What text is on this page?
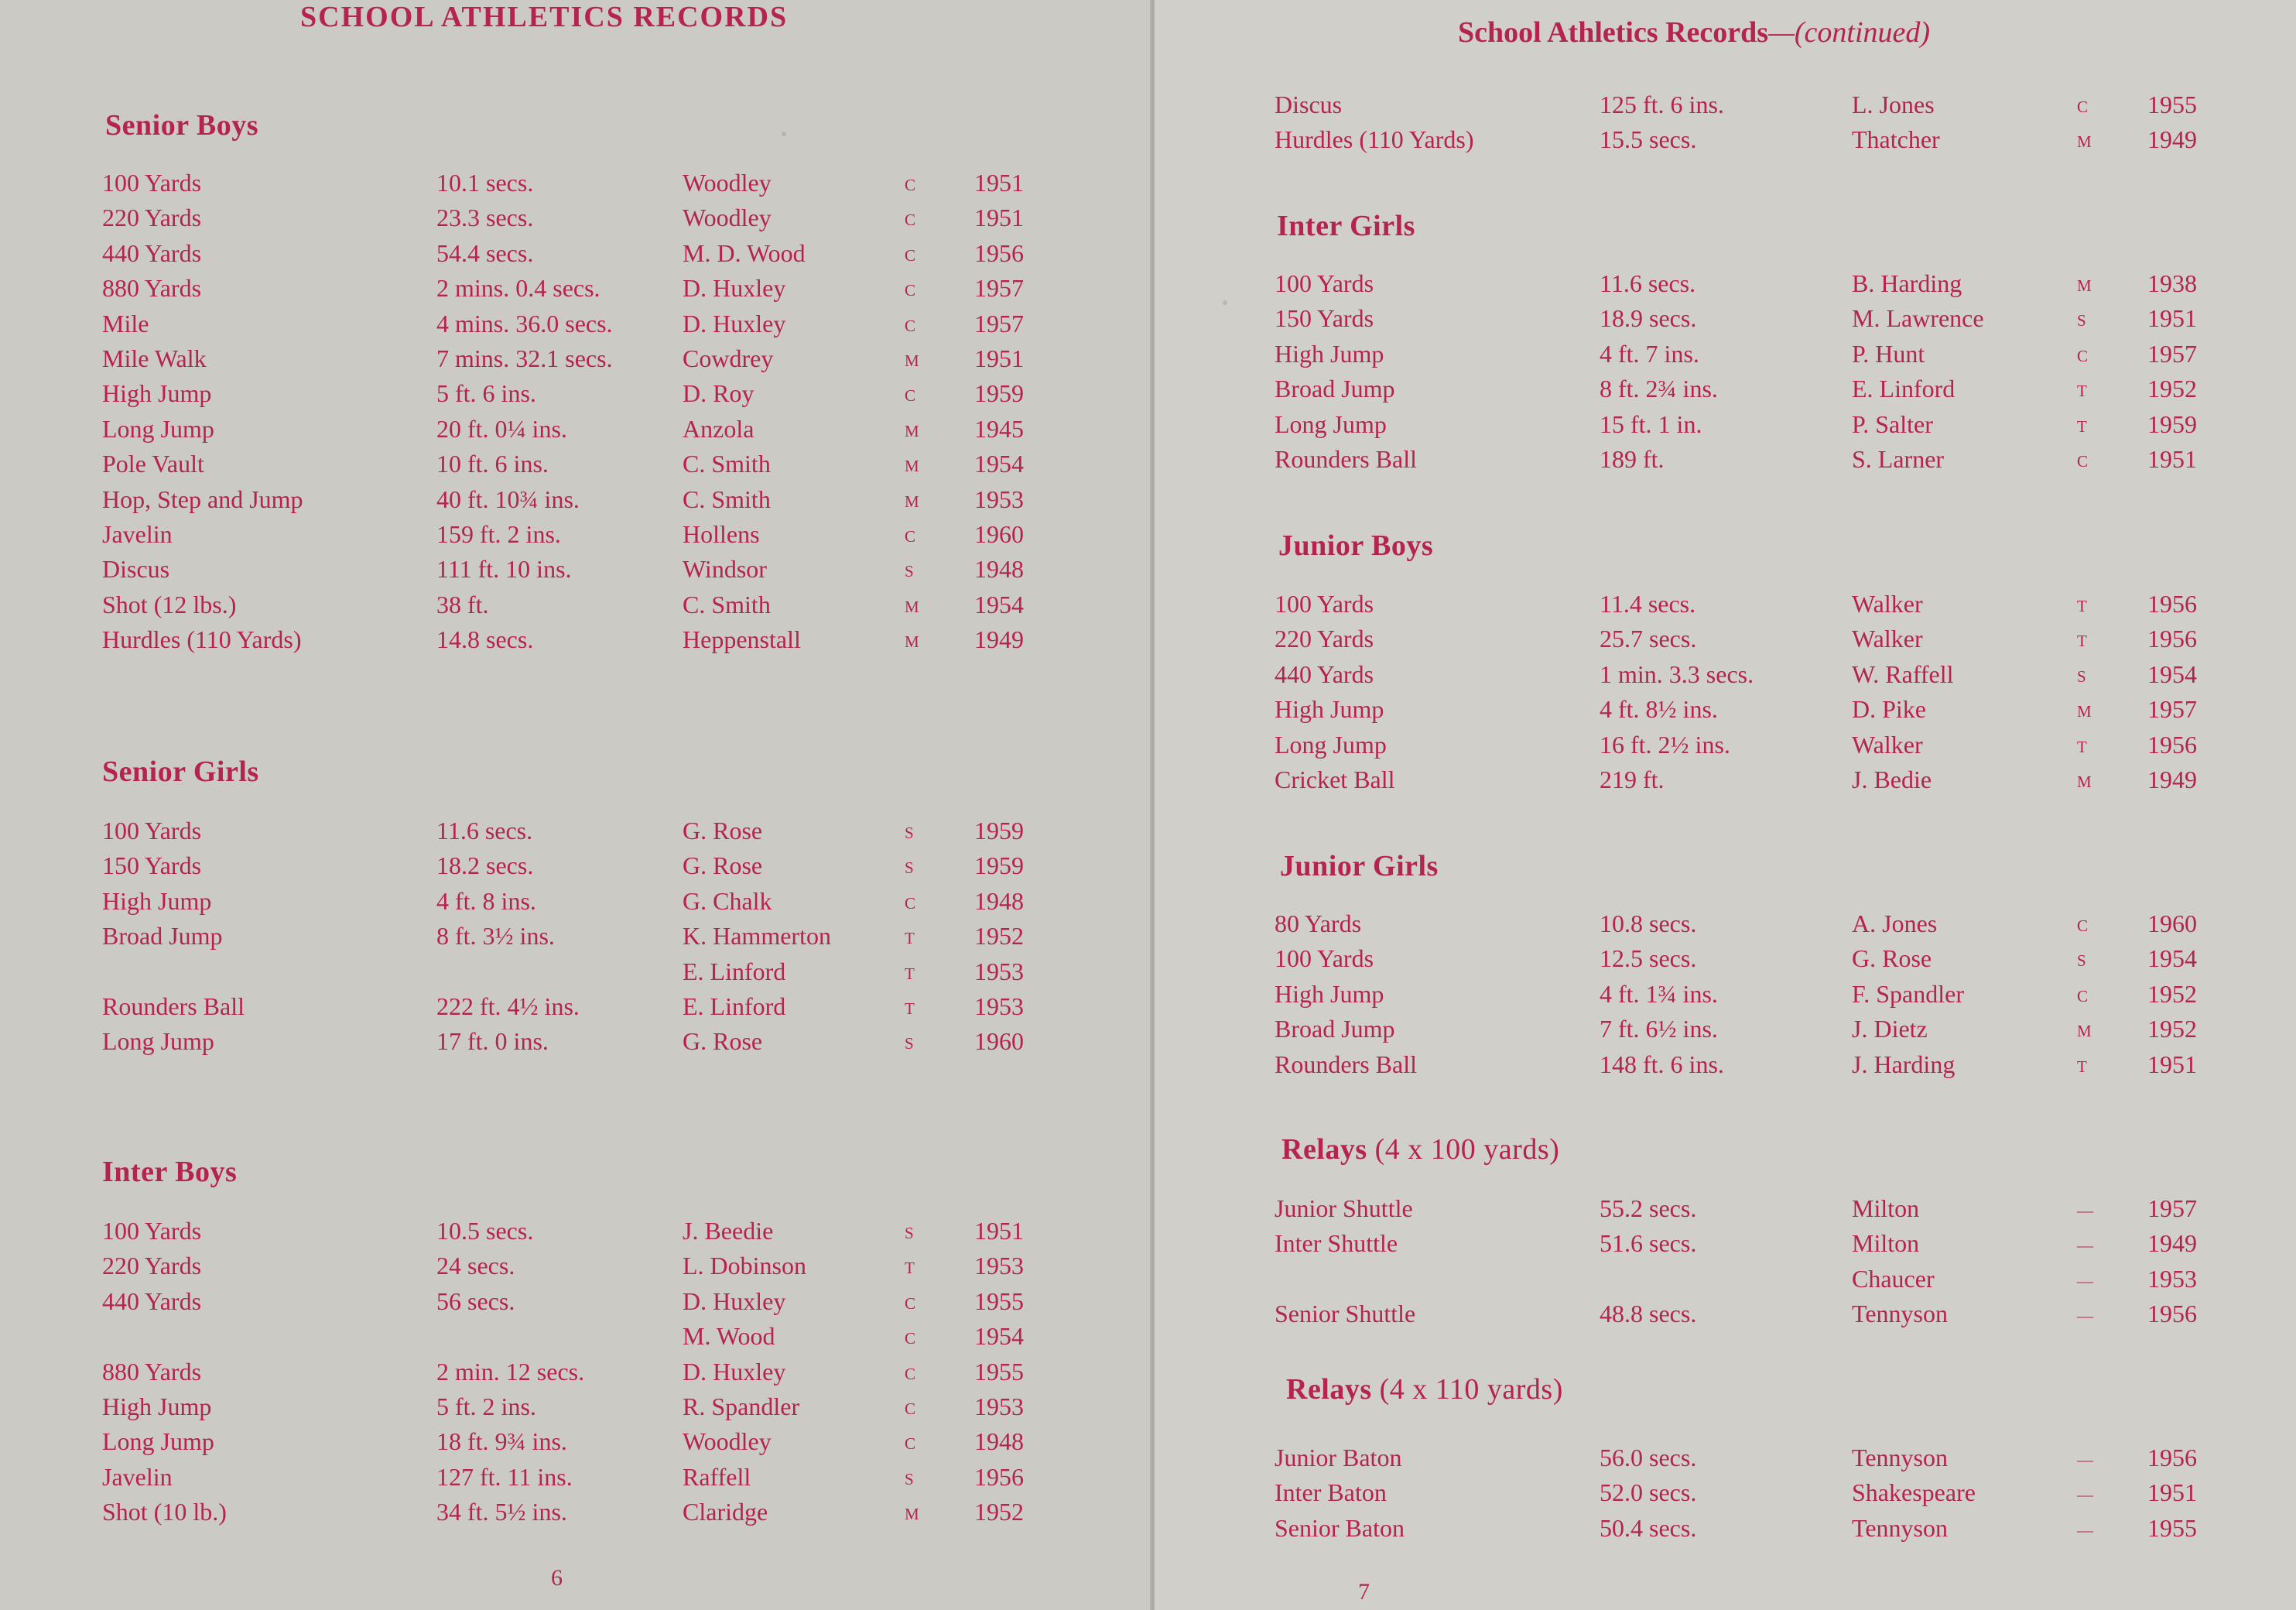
SCHOOL ATHLETICS RECORDS
Senior Boys
100 Yards	10.1 secs.	Woodley	C 1951
220 Yards	23.3 secs.	Woodley	C 1951
440 Yards	54.4 secs.	M. D. Wood	C 1956
880 Yards	2 mins. 0.4 secs.	D. Huxley	C 1957
Mile	4 mins. 36.0 secs.	D. Huxley	C 1957
Mile Walk	7 mins. 32.1 secs.	Cowdrey	M 1951
High Jump	5 ft. 6 ins.	D. Roy	C 1959
Long Jump	20 ft. 0¼ ins.	Anzola	M 1945
Pole Vault	10 ft. 6 ins.	C. Smith	M 1954
Hop, Step and Jump	40 ft. 10¾ ins.	C. Smith	M 1953
Javelin	159 ft. 2 ins.	Hollens	C 1960
Discus	111 ft. 10 ins.	Windsor	S 1948
Shot (12 lbs.)	38 ft.	C. Smith	M 1954
Hurdles (110 Yards)	14.8 secs.	Heppenstall	M 1949
Senior Girls
100 Yards	11.6 secs.	G. Rose	S 1959
150 Yards	18.2 secs.	G. Rose	S 1959
High Jump	4 ft. 8 ins.	G. Chalk	C 1948
Broad Jump	8 ft. 3½ ins.	K. Hammerton	T 1952
E. Linford	T 1953
Rounders Ball	222 ft. 4½ ins.	E. Linford	T 1953
Long Jump	17 ft. 0 ins.	G. Rose	S 1960
Inter Boys
100 Yards	10.5 secs.	J. Beedie	S 1951
220 Yards	24 secs.	L. Dobinson	T 1953
440 Yards	56 secs.	D. Huxley	C 1955
M. Wood	C 1954
880 Yards	2 min. 12 secs.	D. Huxley	C 1955
High Jump	5 ft. 2 ins.	R. Spandler	C 1953
Long Jump	18 ft. 9¾ ins.	Woodley	C 1948
Javelin	127 ft. 11 ins.	Raffell	S 1956
Shot (10 lb.)	34 ft. 5½ ins.	Claridge	M 1952
6
School Athletics Records—(continued)
Discus	125 ft. 6 ins.	L. Jones	C 1955
Hurdles (110 Yards)	15.5 secs.	Thatcher	M 1949
Inter Girls
100 Yards	11.6 secs.	B. Harding	M 1938
150 Yards	18.9 secs.	M. Lawrence	S 1951
High Jump	4 ft. 7 ins.	P. Hunt	C 1957
Broad Jump	8 ft. 2¾ ins.	E. Linford	T 1952
Long Jump	15 ft. 1 in.	P. Salter	T 1959
Rounders Ball	189 ft.	S. Larner	C 1951
Junior Boys
100 Yards	11.4 secs.	Walker	T 1956
220 Yards	25.7 secs.	Walker	T 1956
440 Yards	1 min. 3.3 secs.	W. Raffell	S 1954
High Jump	4 ft. 8½ ins.	D. Pike	M 1957
Long Jump	16 ft. 2½ ins.	Walker	T 1956
Cricket Ball	219 ft.	J. Bedie	M 1949
Junior Girls
80 Yards	10.8 secs.	A. Jones	C 1960
100 Yards	12.5 secs.	G. Rose	S 1954
High Jump	4 ft. 1¾ ins.	F. Spandler	C 1952
Broad Jump	7 ft. 6½ ins.	J. Dietz	M 1952
Rounders Ball	148 ft. 6 ins.	J. Harding	T 1951
Relays (4 x 100 yards)
Junior Shuttle	55.2 secs.	Milton	— 1957
Inter Shuttle	51.6 secs.	Milton	— 1949
Chaucer	— 1953
Senior Shuttle	48.8 secs.	Tennyson	— 1956
Relays (4 x 110 yards)
Junior Baton	56.0 secs.	Tennyson	— 1956
Inter Baton	52.0 secs.	Shakespeare	— 1951
Senior Baton	50.4 secs.	Tennyson	— 1955
7
